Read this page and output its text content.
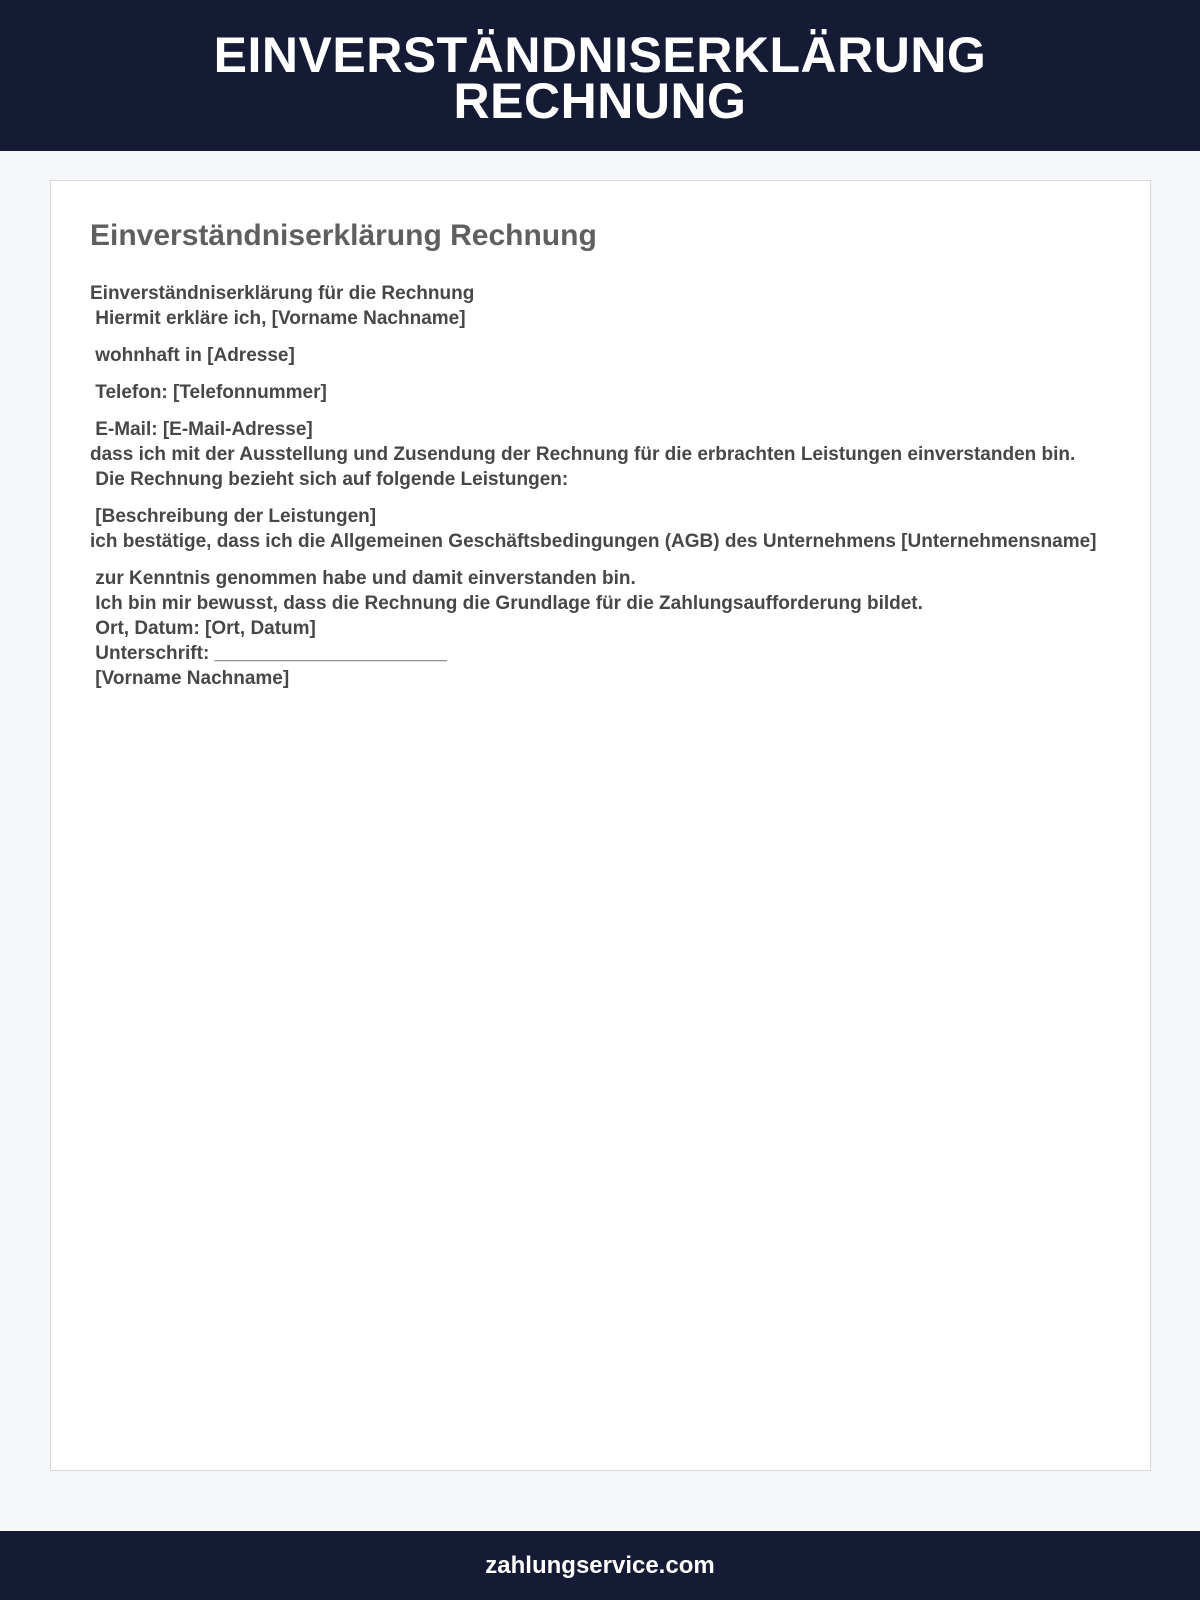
EINVERSTÄNDNISERKLÄRUNG
RECHNUNG
Einverständniserklärung Rechnung
Einverständniserklärung für die Rechnung
Hiermit erkläre ich, [Vorname Nachname]
wohnhaft in [Adresse]
Telefon: [Telefonnummer]
E-Mail: [E-Mail-Adresse]
dass ich mit der Ausstellung und Zusendung der Rechnung für die erbrachten Leistungen einverstanden bin.
Die Rechnung bezieht sich auf folgende Leistungen:
[Beschreibung der Leistungen]
ich bestätige, dass ich die Allgemeinen Geschäftsbedingungen (AGB) des Unternehmens [Unternehmensname]
zur Kenntnis genommen habe und damit einverstanden bin.
Ich bin mir bewusst, dass die Rechnung die Grundlage für die Zahlungsaufforderung bildet.
Ort, Datum: [Ort, Datum]
Unterschrift: ______________________
[Vorname Nachname]
zahlungservice.com
